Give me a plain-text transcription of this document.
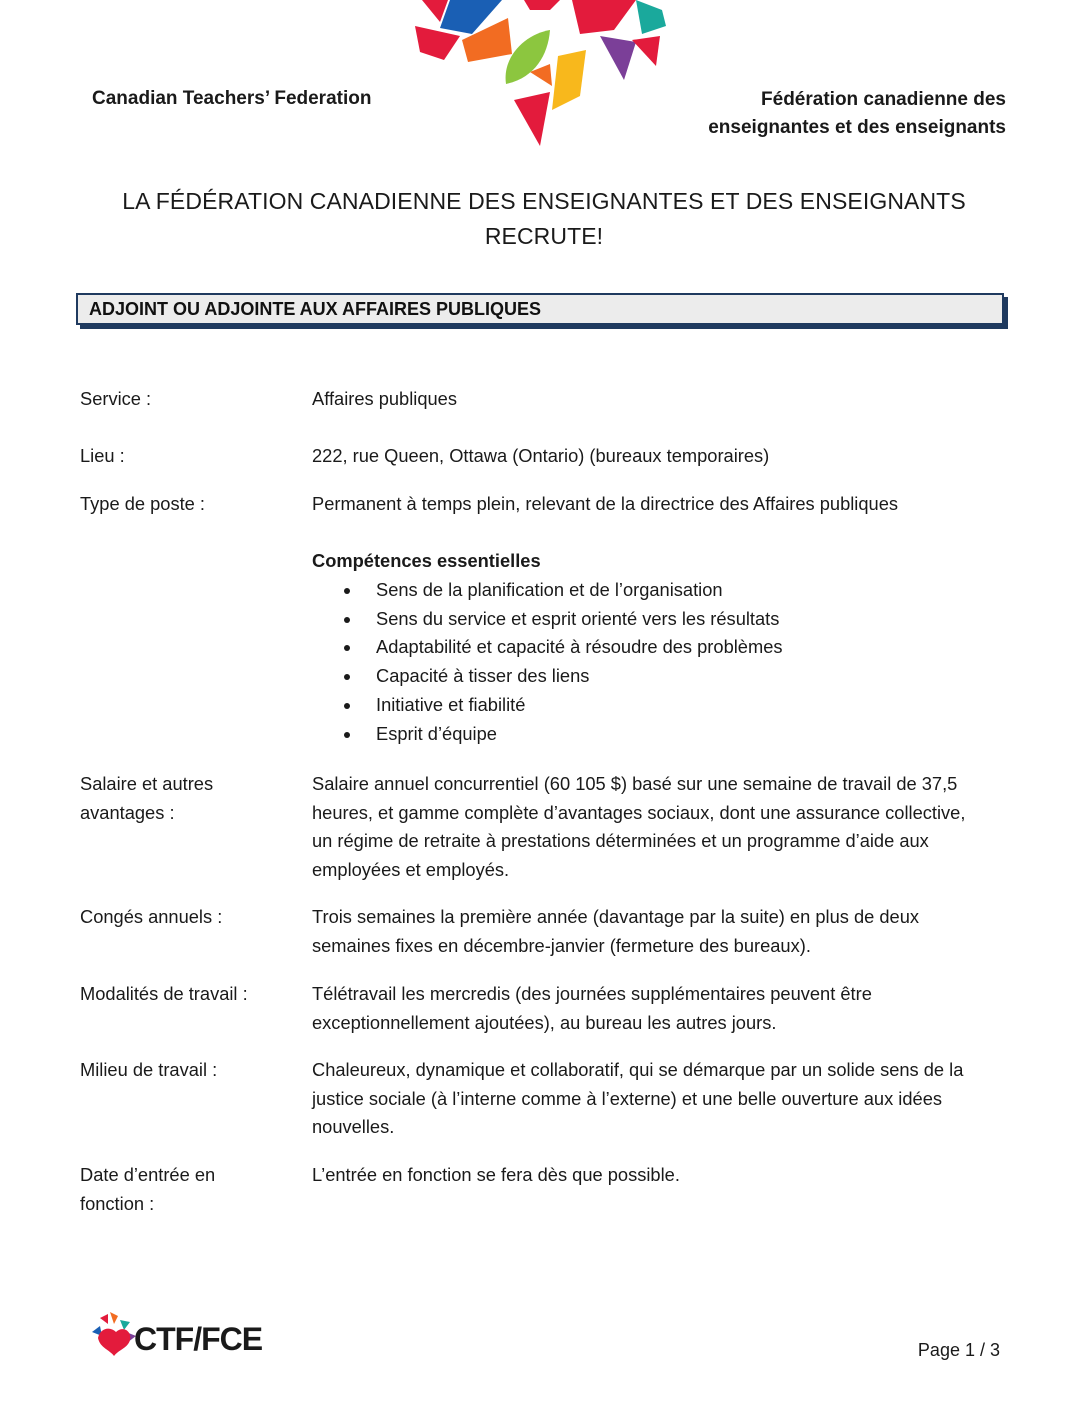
Canadian Teachers’ Federation	Fédération canadienne des
enseignantes et des enseignants
LA FÉDÉRATION CANADIENNE DES ENSEIGNANTES ET DES ENSEIGNANTS
RECRUTE!
ADJOINT OU ADJOINTE AUX AFFAIRES PUBLIQUES
Service :	Affaires publiques
Lieu :	222, rue Queen, Ottawa (Ontario) (bureaux temporaires)
Type de poste :	Permanent à temps plein, relevant de la directrice des Affaires publiques
Compétences essentielles
Sens de la planification et de l’organisation
Sens du service et esprit orienté vers les résultats
Adaptabilité et capacité à résoudre des problèmes
Capacité à tisser des liens
Initiative et fiabilité
Esprit d’équipe
Salaire et autres
avantages :
Salaire annuel concurrentiel (60 105 $) basé sur une semaine de travail de 37,5
heures, et gamme complète d’avantages sociaux, dont une assurance collective,
un régime de retraite à prestations déterminées et un programme d’aide aux
employées et employés.
Congés annuels :	Trois semaines la première année (davantage par la suite) en plus de deux
semaines fixes en décembre-janvier (fermeture des bureaux).
Modalités de travail :	Télétravail les mercredis (des journées supplémentaires peuvent être
exceptionnellement ajoutées), au bureau les autres jours.
Milieu de travail :	Chaleureux, dynamique et collaboratif, qui se démarque par un solide sens de la
justice sociale (à l’interne comme à l’externe) et une belle ouverture aux idées
nouvelles.
Date d’entrée en
fonction :
L’entrée en fonction se fera dès que possible.
CTF/FCE	Page 1 / 3
